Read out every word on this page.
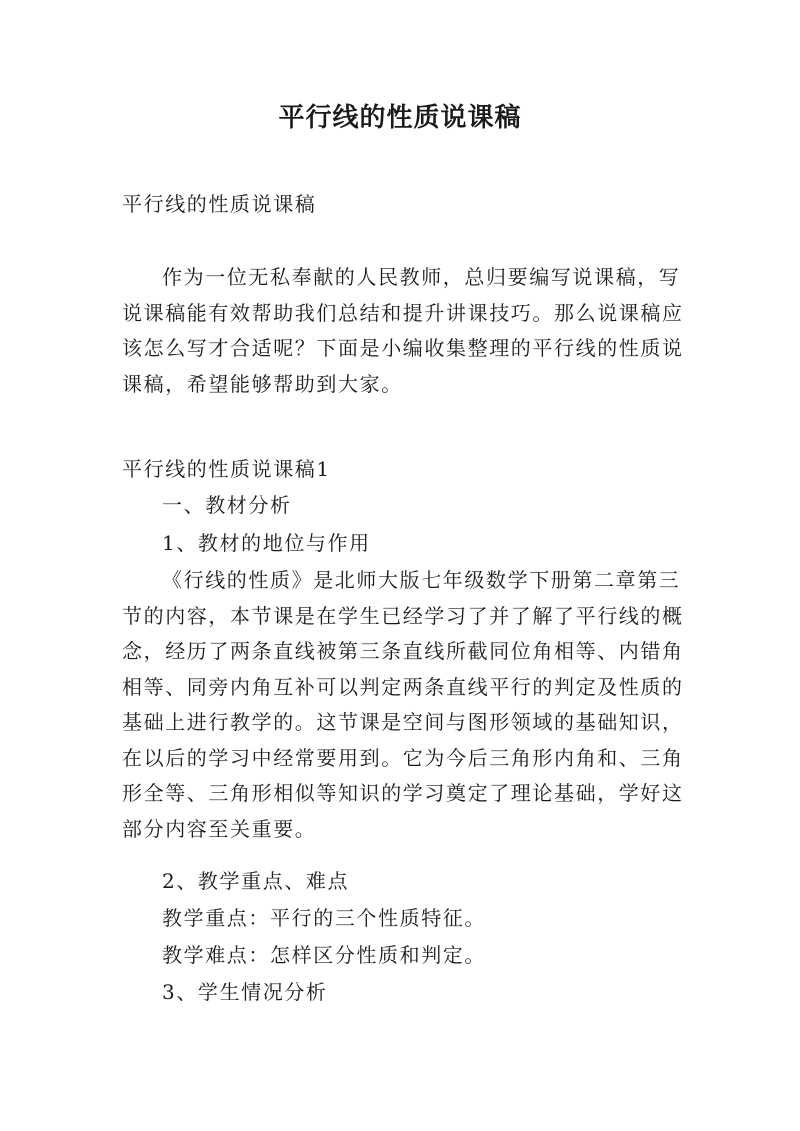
平行线的性质说课稿
平行线的性质说课稿
作为一位无私奉献的人民教师，总归要编写说课稿，写说课稿能有效帮助我们总结和提升讲课技巧。那么说课稿应该怎么写才合适呢？下面是小编收集整理的平行线的性质说课稿，希望能够帮助到大家。
平行线的性质说课稿1
一、教材分析
1、教材的地位与作用
《行线的性质》是北师大版七年级数学下册第二章第三节的内容，本节课是在学生已经学习了并了解了平行线的概念，经历了两条直线被第三条直线所截同位角相等、内错角相等、同旁内角互补可以判定两条直线平行的判定及性质的基础上进行教学的。这节课是空间与图形领域的基础知识，在以后的学习中经常要用到。它为今后三角形内角和、三角形全等、三角形相似等知识的学习奠定了理论基础，学好这部分内容至关重要。
2、教学重点、难点
教学重点：平行的三个性质特征。
教学难点：怎样区分性质和判定。
3、学生情况分析
